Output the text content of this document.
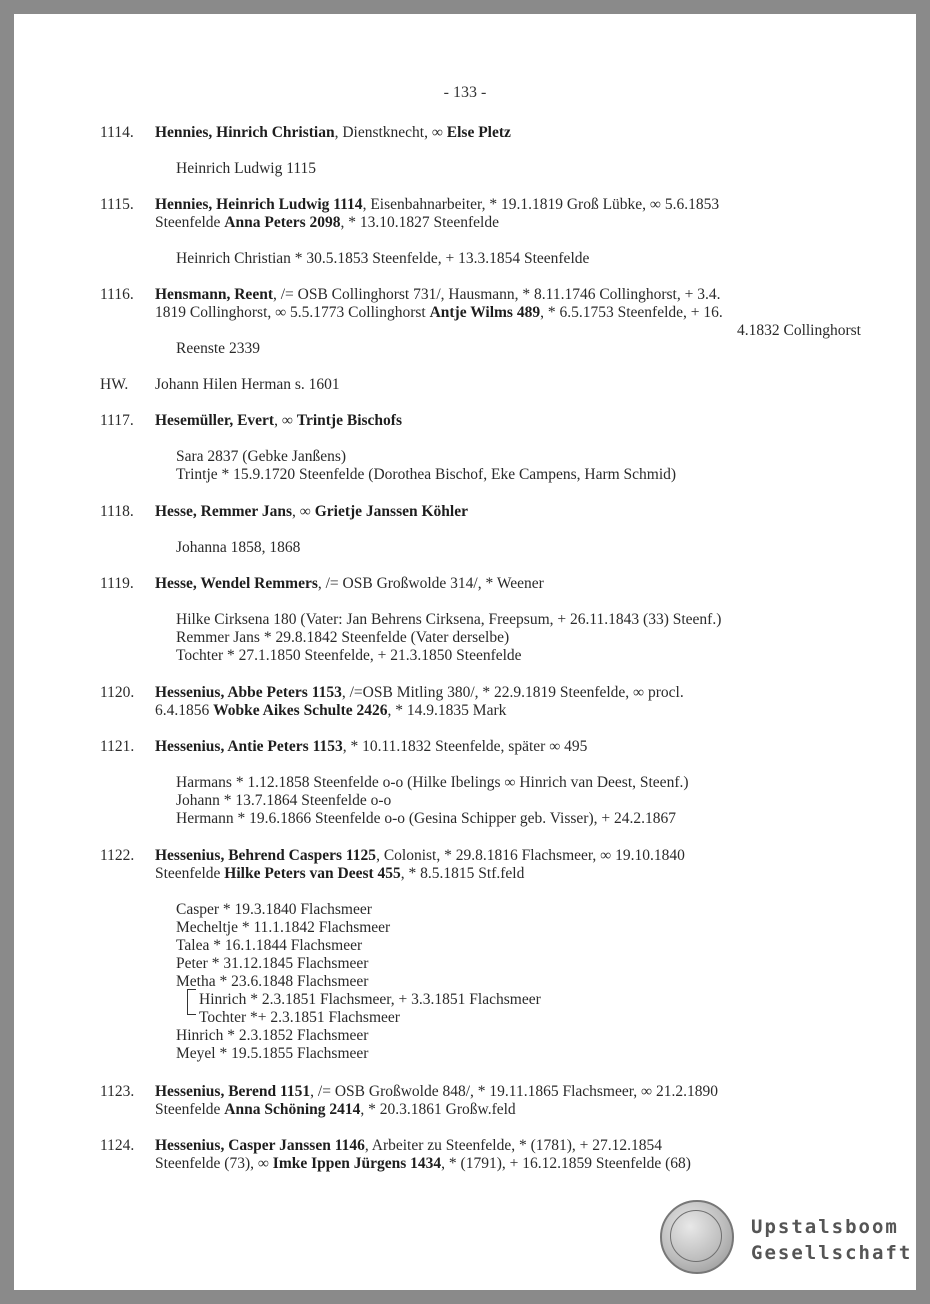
- 133 -
1114. Hennies, Hinrich Christian, Dienstknecht, ∞ Else Pletz
Heinrich Ludwig 1115
1115. Hennies, Heinrich Ludwig 1114, Eisenbahnarbeiter, * 19.1.1819 Groß Lübke, ∞ 5.6.1853
Steenfelde Anna Peters 2098, * 13.10.1827 Steenfelde
Heinrich Christian * 30.5.1853 Steenfelde, + 13.3.1854 Steenfelde
1116. Hensmann, Reent, /= OSB Collinghorst 731/, Hausmann, * 8.11.1746 Collinghorst, + 3.4.
1819 Collinghorst, ∞ 5.5.1773 Collinghorst Antje Wilms 489, * 6.5.1753 Steenfelde, + 16.
4.1832 Collinghorst
Reenste 2339
HW. Johann Hilen Herman s. 1601
1117. Hesemüller, Evert, ∞ Trintje Bischofs
Sara 2837 (Gebke Janßens)
Trintje * 15.9.1720 Steenfelde (Dorothea Bischof, Eke Campens, Harm Schmid)
1118. Hesse, Remmer Jans, ∞ Grietje Janssen Köhler
Johanna 1858, 1868
1119. Hesse, Wendel Remmers, /= OSB Großwolde 314/, * Weener
Hilke Cirksena 180 (Vater: Jan Behrens Cirksena, Freepsum, + 26.11.1843 (33) Steenf.)
Remmer Jans * 29.8.1842 Steenfelde (Vater derselbe)
Tochter * 27.1.1850 Steenfelde, + 21.3.1850 Steenfelde
1120. Hessenius, Abbe Peters 1153, /=OSB Mitling 380/, * 22.9.1819 Steenfelde, ∞ procl.
6.4.1856 Wobke Aikes Schulte 2426, * 14.9.1835 Mark
1121. Hessenius, Antie Peters 1153, * 10.11.1832 Steenfelde, später ∞ 495
Harmans * 1.12.1858 Steenfelde o-o (Hilke Ibelings ∞ Hinrich van Deest, Steenf.)
Johann * 13.7.1864 Steenfelde o-o
Hermann * 19.6.1866 Steenfelde o-o (Gesina Schipper geb. Visser), + 24.2.1867
1122. Hessenius, Behrend Caspers 1125, Colonist, * 29.8.1816 Flachsmeer, ∞ 19.10.1840
Steenfelde Hilke Peters van Deest 455, * 8.5.1815 Stf.feld
Casper * 19.3.1840 Flachsmeer
Mecheltje * 11.1.1842 Flachsmeer
Talea * 16.1.1844 Flachsmeer
Peter * 31.12.1845 Flachsmeer
Metha * 23.6.1848 Flachsmeer
Hinrich * 2.3.1851 Flachsmeer, + 3.3.1851 Flachsmeer
Tochter *+ 2.3.1851 Flachsmeer
Hinrich * 2.3.1852 Flachsmeer
Meyel * 19.5.1855 Flachsmeer
1123. Hessenius, Berend 1151, /= OSB Großwolde 848/, * 19.11.1865 Flachsmeer, ∞ 21.2.1890
Steenfelde Anna Schöning 2414, * 20.3.1861 Großw.feld
1124. Hessenius, Casper Janssen 1146, Arbeiter zu Steenfelde, * (1781), + 27.12.1854
Steenfelde (73), ∞ Imke Ippen Jürgens 1434, * (1791), + 16.12.1859 Steenfelde (68)
Upstalsboom
Gesellschaft
